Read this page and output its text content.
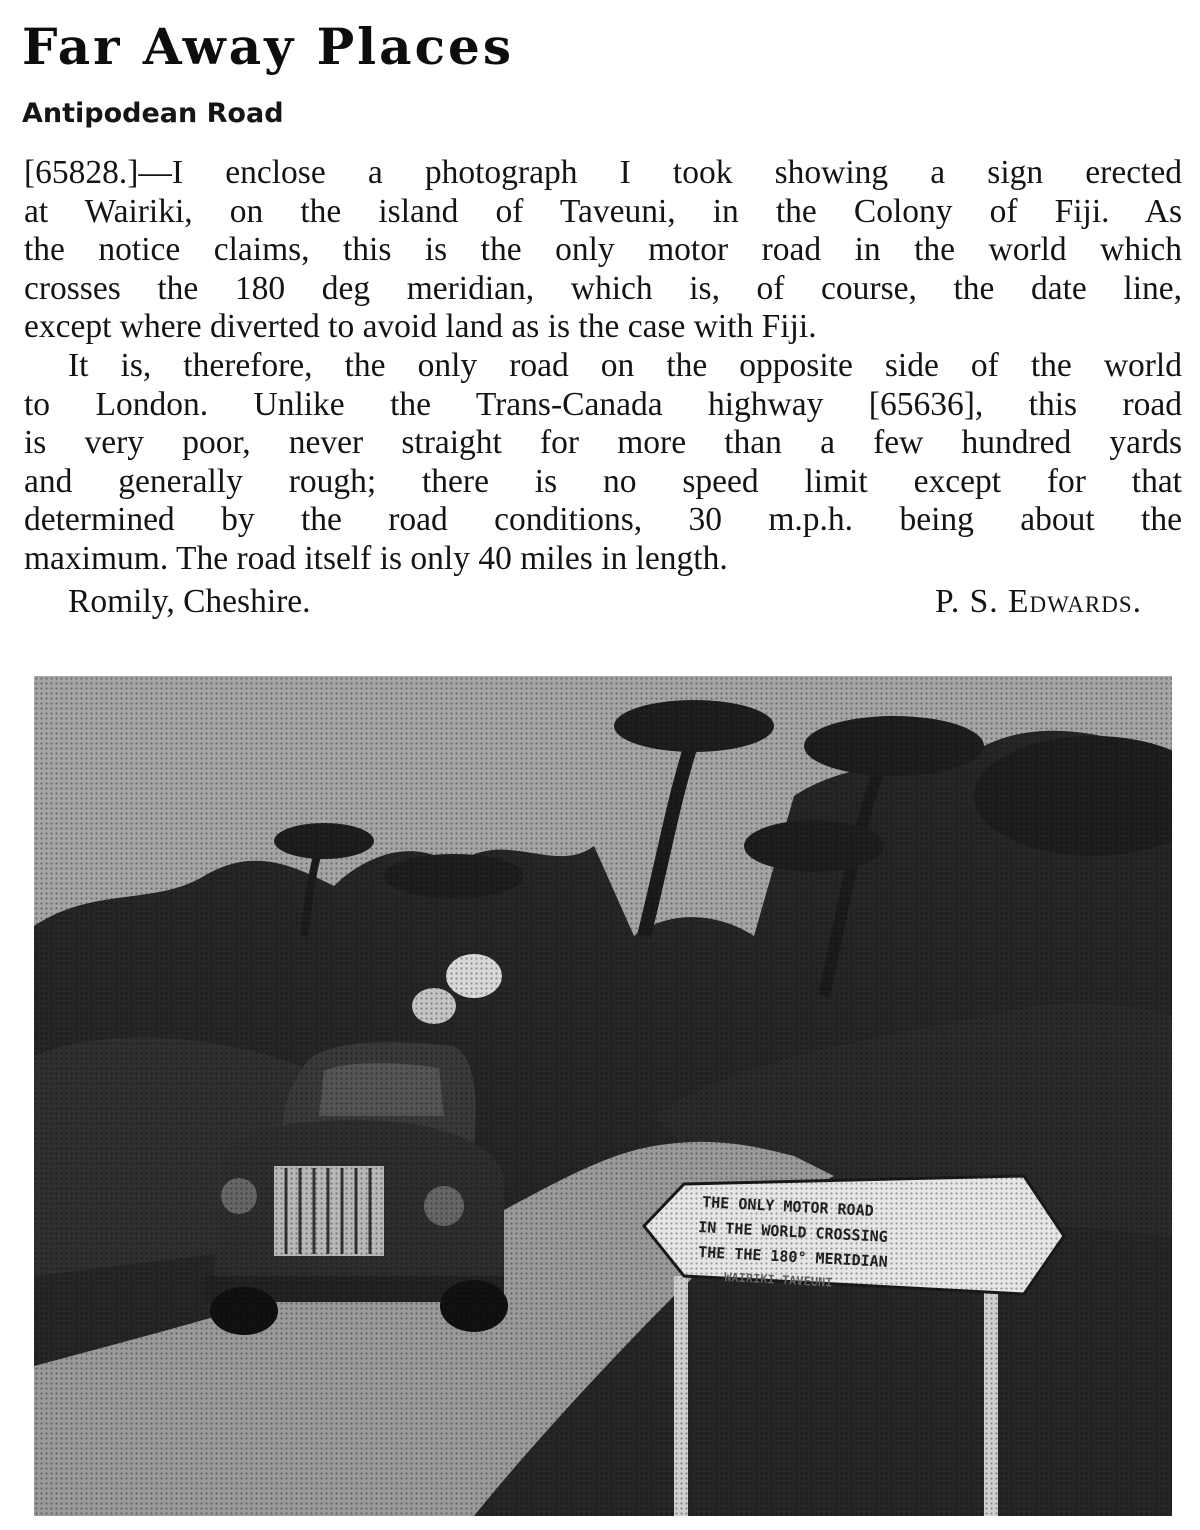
Far Away Places
Antipodean Road
[65828.]—I enclose a photograph I took showing a sign erected
at Wairiki, on the island of Taveuni, in the Colony of Fiji. As
the notice claims, this is the only motor road in the world which
crosses the 180 deg meridian, which is, of course, the date line,
except where diverted to avoid land as is the case with Fiji.
It is, therefore, the only road on the opposite side of the world
to London. Unlike the Trans-Canada highway [65636], this road
is very poor, never straight for more than a few hundred yards
and generally rough; there is no speed limit except for that
determined by the road conditions, 30 m.p.h. being about the
maximum. The road itself is only 40 miles in length.
Romily, Cheshire.	P. S. Edwards.
